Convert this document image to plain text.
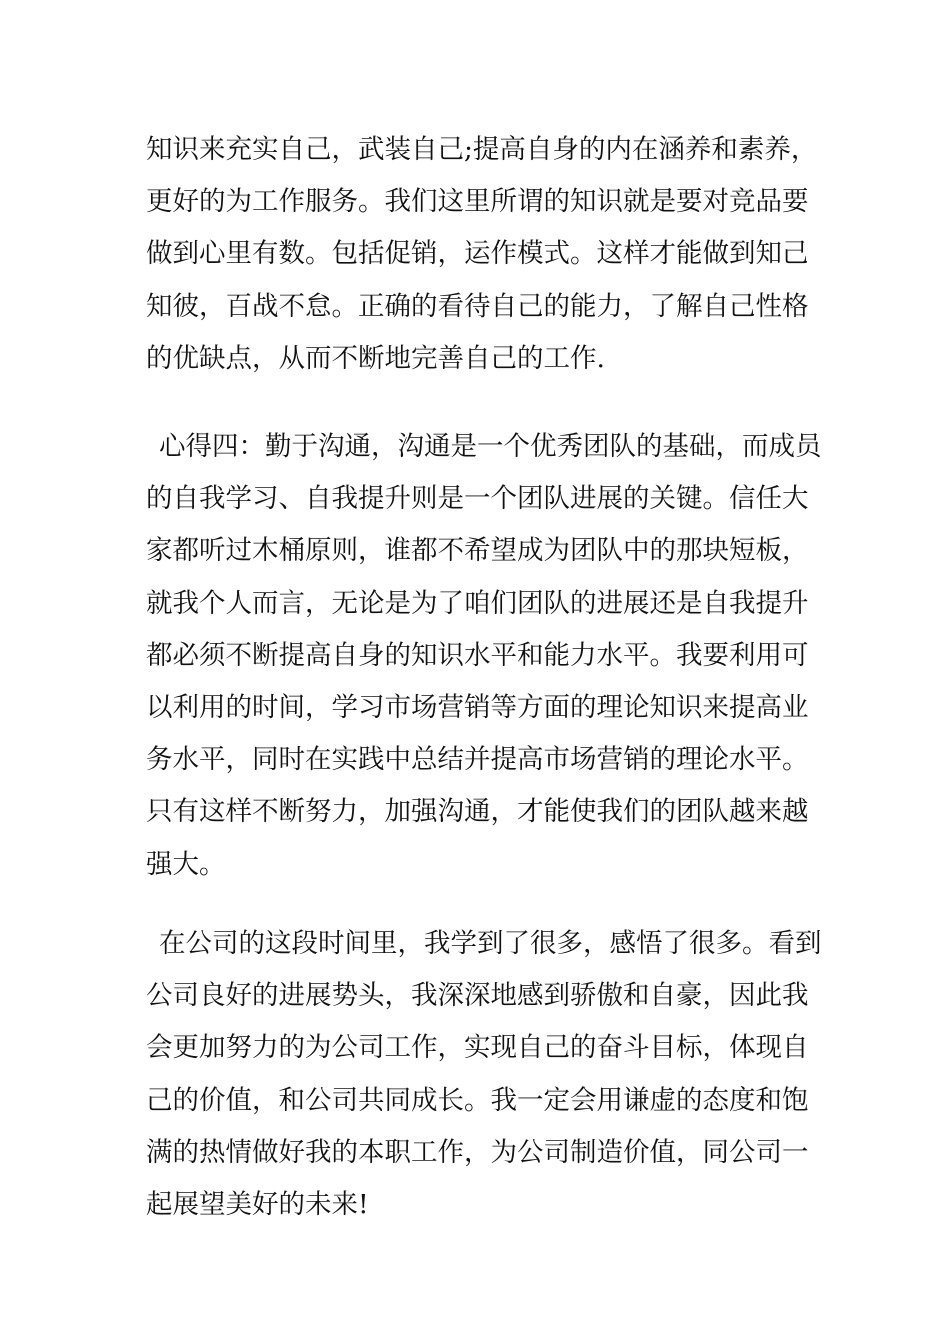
知识来充实自己，武装自己;提高自身的内在涵养和素养，
更好的为工作服务。我们这里所谓的知识就是要对竞品要
做到心里有数。包括促销，运作模式。这样才能做到知己
知彼，百战不怠。正确的看待自己的能力，了解自己性格
的优缺点，从而不断地完善自己的工作.

心得四：勤于沟通，沟通是一个优秀团队的基础，而成员
的自我学习、自我提升则是一个团队进展的关键。信任大
家都听过木桶原则，谁都不希望成为团队中的那块短板，
就我个人而言，无论是为了咱们团队的进展还是自我提升
都必须不断提高自身的知识水平和能力水平。我要利用可
以利用的时间，学习市场营销等方面的理论知识来提高业
务水平，同时在实践中总结并提高市场营销的理论水平。
只有这样不断努力，加强沟通，才能使我们的团队越来越
强大。

在公司的这段时间里，我学到了很多，感悟了很多。看到
公司良好的进展势头，我深深地感到骄傲和自豪，因此我
会更加努力的为公司工作，实现自己的奋斗目标，体现自
己的价值，和公司共同成长。我一定会用谦虚的态度和饱
满的热情做好我的本职工作，为公司制造价值，同公司一
起展望美好的未来!
